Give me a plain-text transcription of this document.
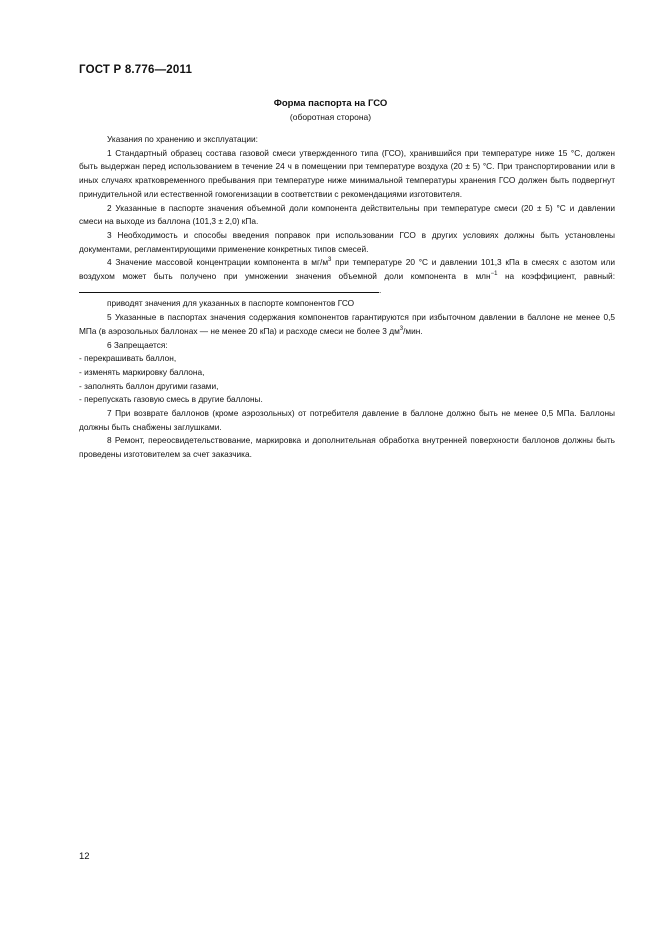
ГОСТ Р 8.776—2011
Форма паспорта на ГСО
(оборотная сторона)

Указания по хранению и эксплуатации:

1 Стандартный образец состава газовой смеси утвержденного типа (ГСО), хранившийся при температуре ниже 15 °С, должен быть выдержан перед использованием в течение 24 ч в помещении при температуре воздуха (20 ± 5) °С. При транспортировании или в иных случаях кратковременного пребывания при температуре ниже минимальной температуры хранения ГСО должен быть подвергнут принудительной или естественной гомогенизации в соответствии с рекомендациями изготовителя.

2 Указанные в паспорте значения объемной доли компонента действительны при температуре смеси (20 ± 5) °С и давлении смеси на выходе из баллона (101,3 ± 2,0) кПа.

3 Необходимость и способы введения поправок при использовании ГСО в других условиях должны быть установлены документами, регламентирующими применение конкретных типов смесей.

4 Значение массовой концентрации компонента в $мг/м^3$ при температуре 20 °С и давлении 101,3 кПа в смесях с азотом или воздухом может быть получено при умножении значения объемной доли компонента в млн$^{-1}$ на коэффициент, равный: .

приводят значения для указанных в паспорте компонентов ГСО

5 Указанные в паспортах значения содержания компонентов гарантируются при избыточном давлении в баллоне не менее 0,5 МПа (в аэрозольных баллонах — не менее 20 кПа) и расходе смеси не более 3 $дм^3$/мин.

6 Запрещается:

- перекрашивать баллон,

- изменять маркировку баллона,

- заполнять баллон другими газами,

- перепускать газовую смесь в другие баллоны.

7 При возврате баллонов (кроме аэрозольных) от потребителя давление в баллоне должно быть не менее 0,5 МПа. Баллоны должны быть снабжены заглушками.

8 Ремонт, переосвидетельствование, маркировка и дополнительная обработка внутренней поверхности баллонов должны быть проведены изготовителем за счет заказчика.

12
